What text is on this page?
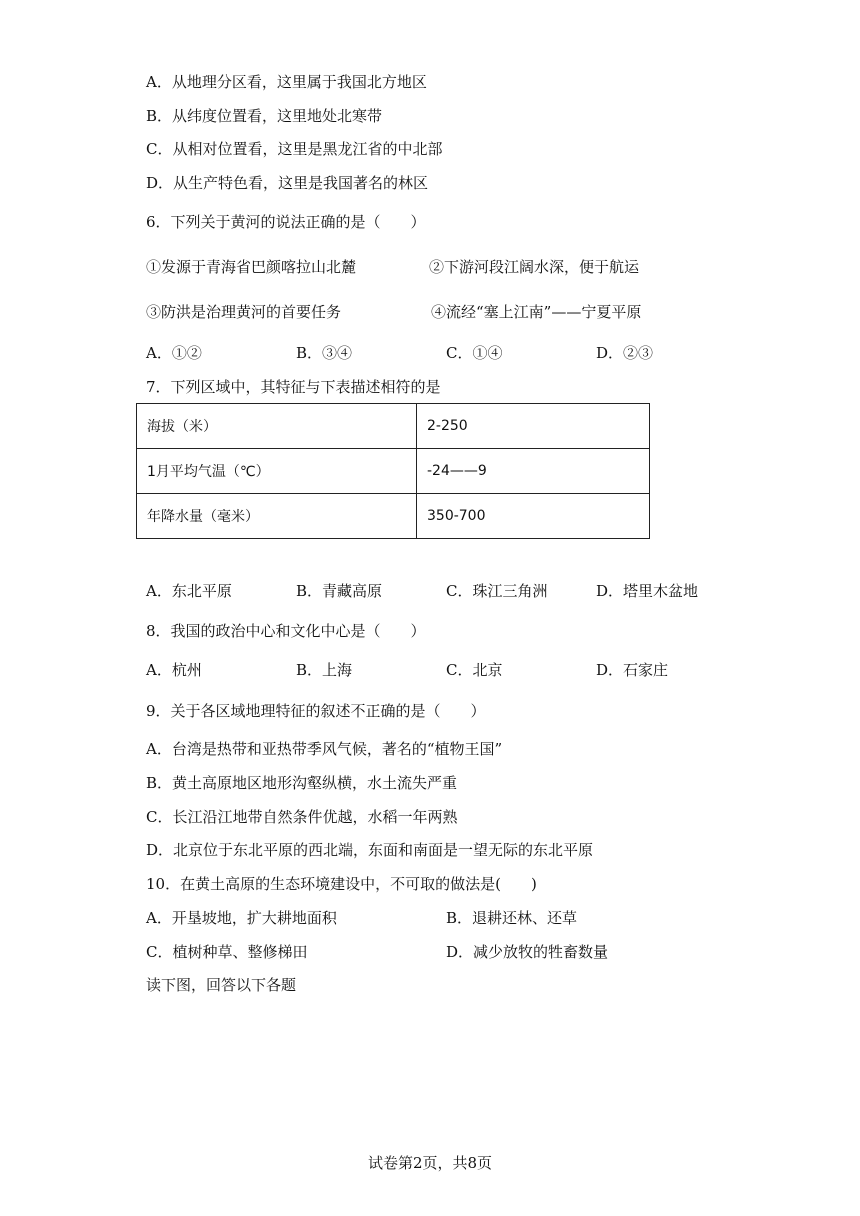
A．从地理分区看，这里属于我国北方地区
B．从纬度位置看，这里地处北寒带
C．从相对位置看，这里是黑龙江省的中北部
D．从生产特色看，这里是我国著名的林区
6．下列关于黄河的说法正确的是（　　）
①发源于青海省巴颜喀拉山北麓	②下游河段江阔水深，便于航运
③防洪是治理黄河的首要任务	④流经“塞上江南”——宁夏平原
A．①②	B．③④	C．①④	D．②③
7．下列区域中，其特征与下表描述相符的是
海拔（米）	2-250
1月平均气温（℃）	-24——9
年降水量（毫米）	350-700
A．东北平原	B．青藏高原	C．珠江三角洲	D．塔里木盆地
8．我国的政治中心和文化中心是（　　）
A．杭州	B．上海	C．北京	D．石家庄
9．关于各区域地理特征的叙述不正确的是（　　）
A．台湾是热带和亚热带季风气候，著名的“植物王国”
B．黄土高原地区地形沟壑纵横，水土流失严重
C．长江沿江地带自然条件优越，水稻一年两熟
D．北京位于东北平原的西北端，东面和南面是一望无际的东北平原
10．在黄土高原的生态环境建设中，不可取的做法是(　　)
A．开垦坡地，扩大耕地面积	B．退耕还林、还草
C．植树种草、整修梯田	D．减少放牧的牲畜数量
读下图，回答以下各题
试卷第2页，共8页
